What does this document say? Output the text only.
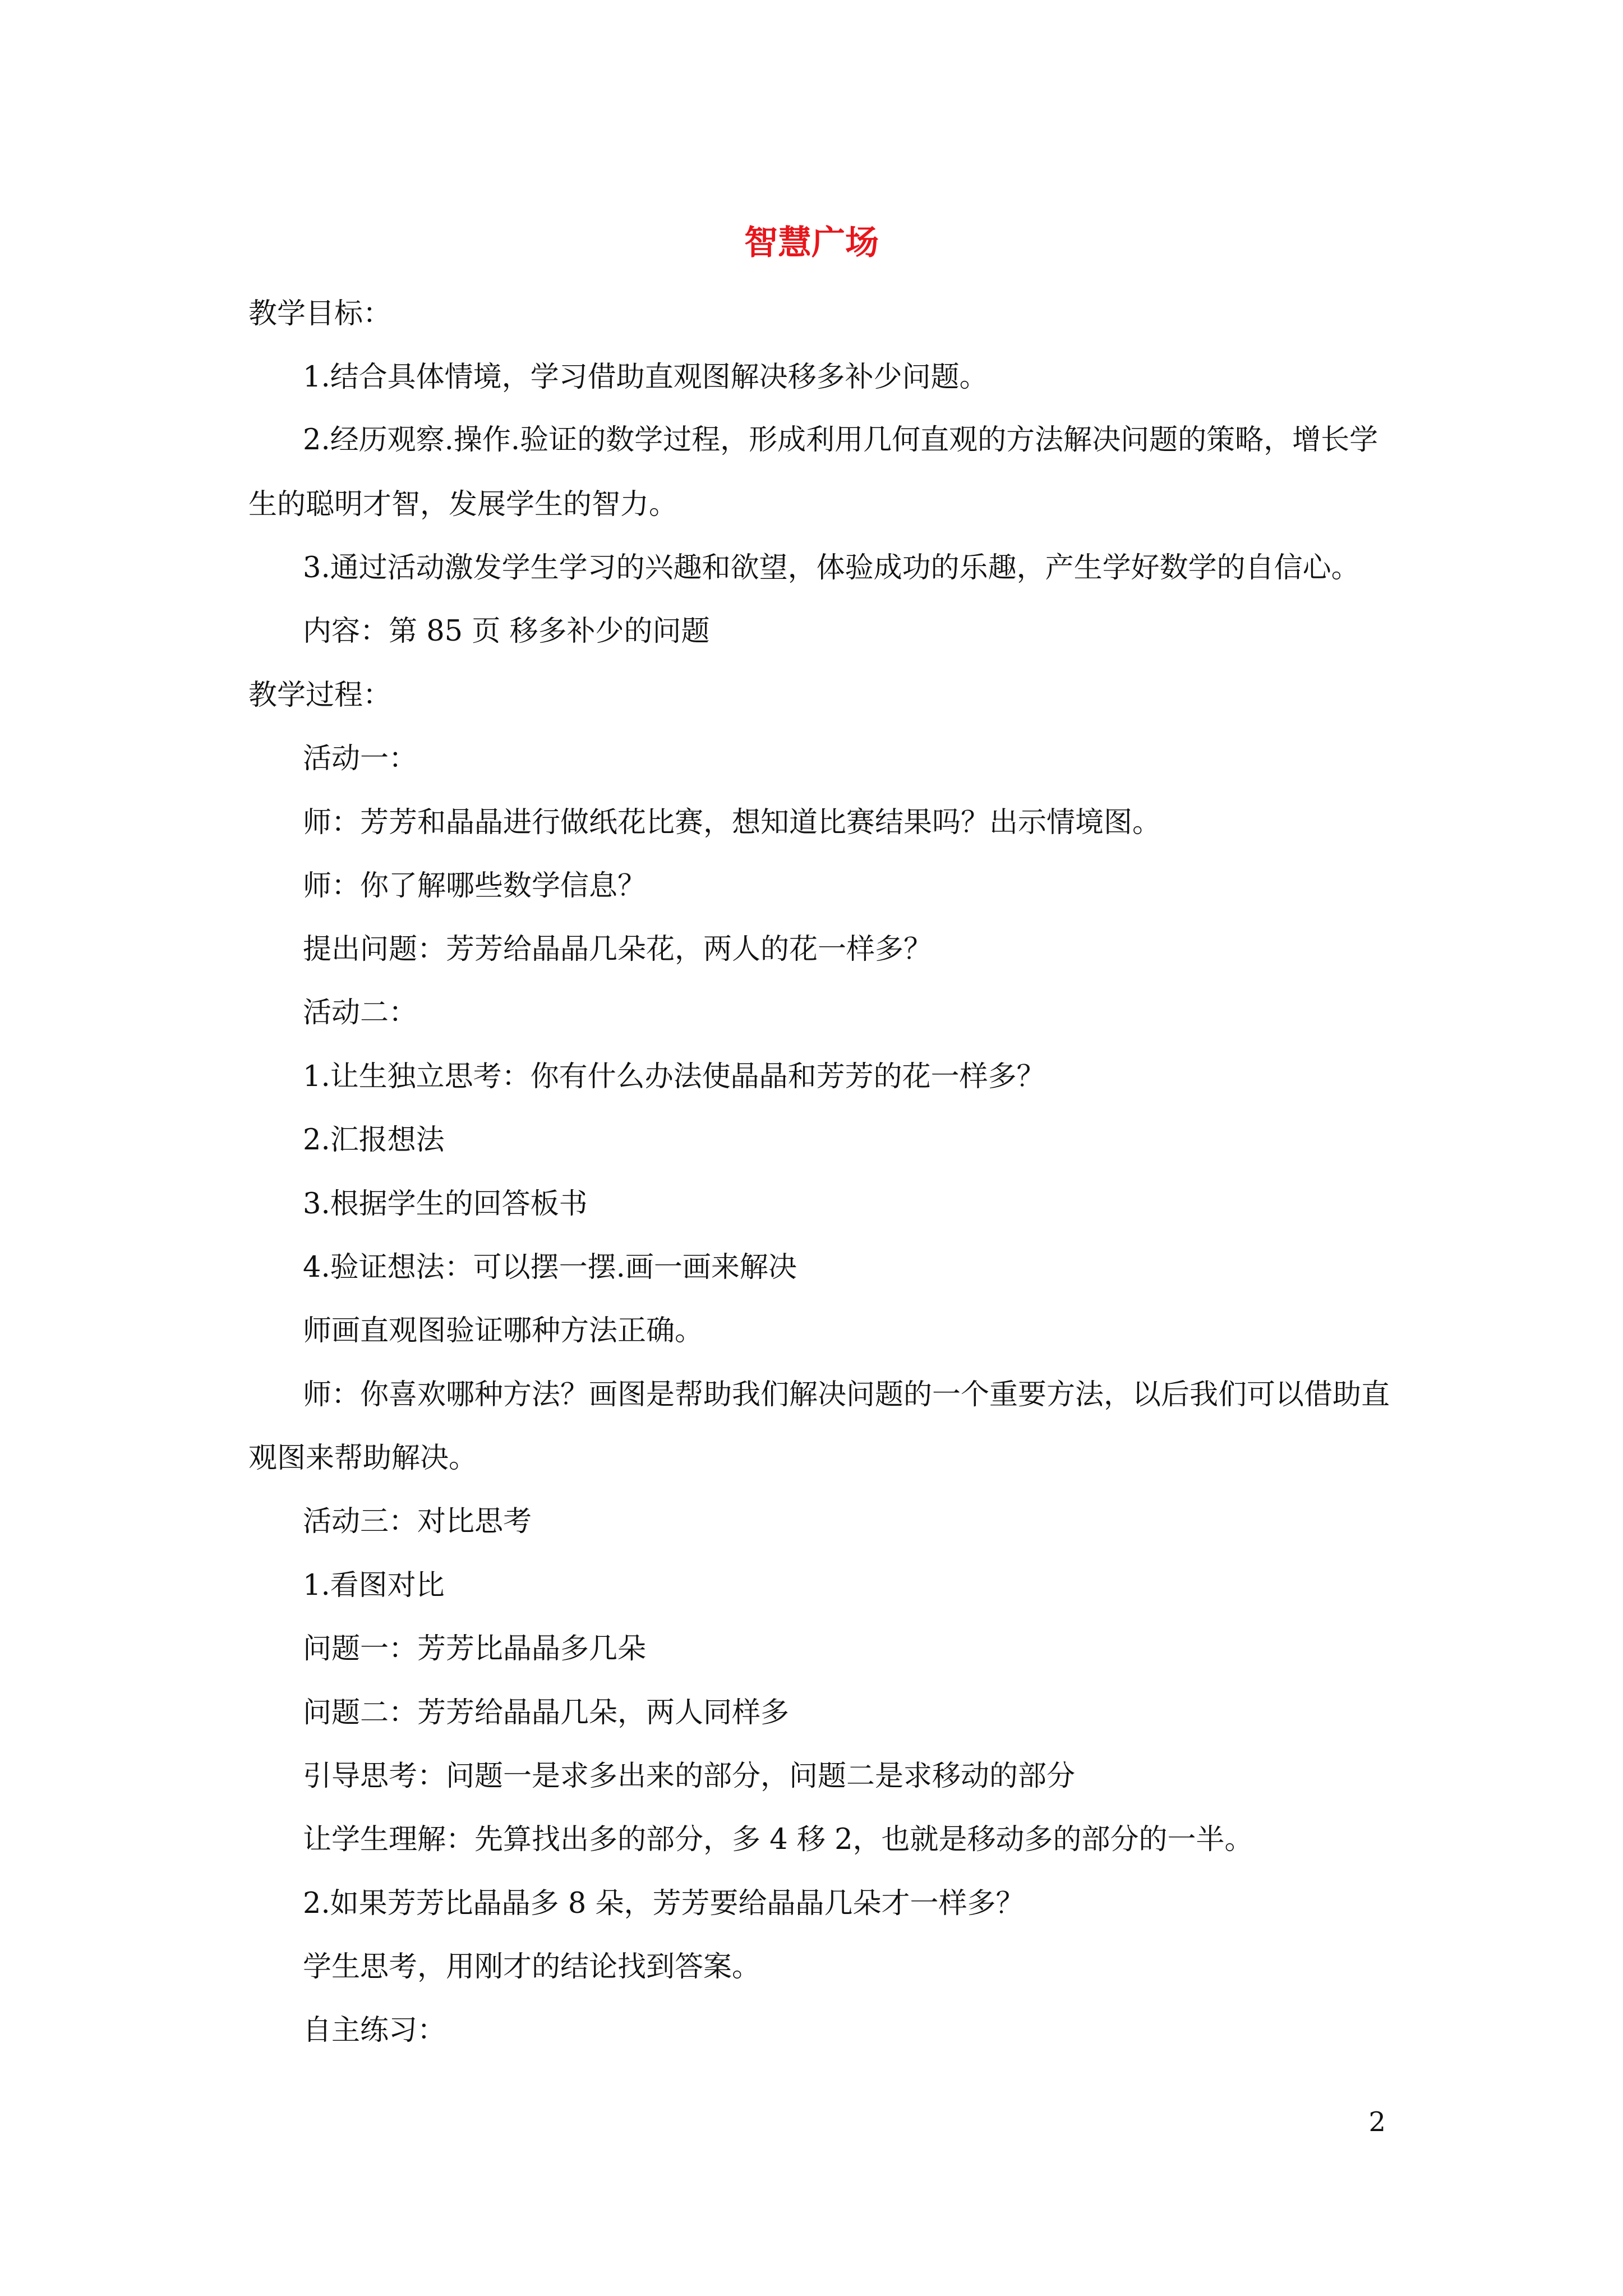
智慧广场
教学目标：
1.结合具体情境，学习借助直观图解决移多补少问题。
2.经历观察.操作.验证的数学过程，形成利用几何直观的方法解决问题的策略，增长学
生的聪明才智，发展学生的智力。
3.通过活动激发学生学习的兴趣和欲望，体验成功的乐趣，产生学好数学的自信心。
内容：第 85 页 移多补少的问题
教学过程：
活动一：
师：芳芳和晶晶进行做纸花比赛，想知道比赛结果吗？出示情境图。
师：你了解哪些数学信息？
提出问题：芳芳给晶晶几朵花，两人的花一样多？
活动二：
1.让生独立思考：你有什么办法使晶晶和芳芳的花一样多？
2.汇报想法
3.根据学生的回答板书
4.验证想法：可以摆一摆.画一画来解决
师画直观图验证哪种方法正确。
师：你喜欢哪种方法？画图是帮助我们解决问题的一个重要方法，以后我们可以借助直
观图来帮助解决。
活动三：对比思考
1.看图对比
问题一：芳芳比晶晶多几朵
问题二：芳芳给晶晶几朵，两人同样多
引导思考：问题一是求多出来的部分，问题二是求移动的部分
让学生理解：先算找出多的部分，多 4 移 2，也就是移动多的部分的一半。
2.如果芳芳比晶晶多 8 朵，芳芳要给晶晶几朵才一样多？
学生思考，用刚才的结论找到答案。
自主练习：
2
